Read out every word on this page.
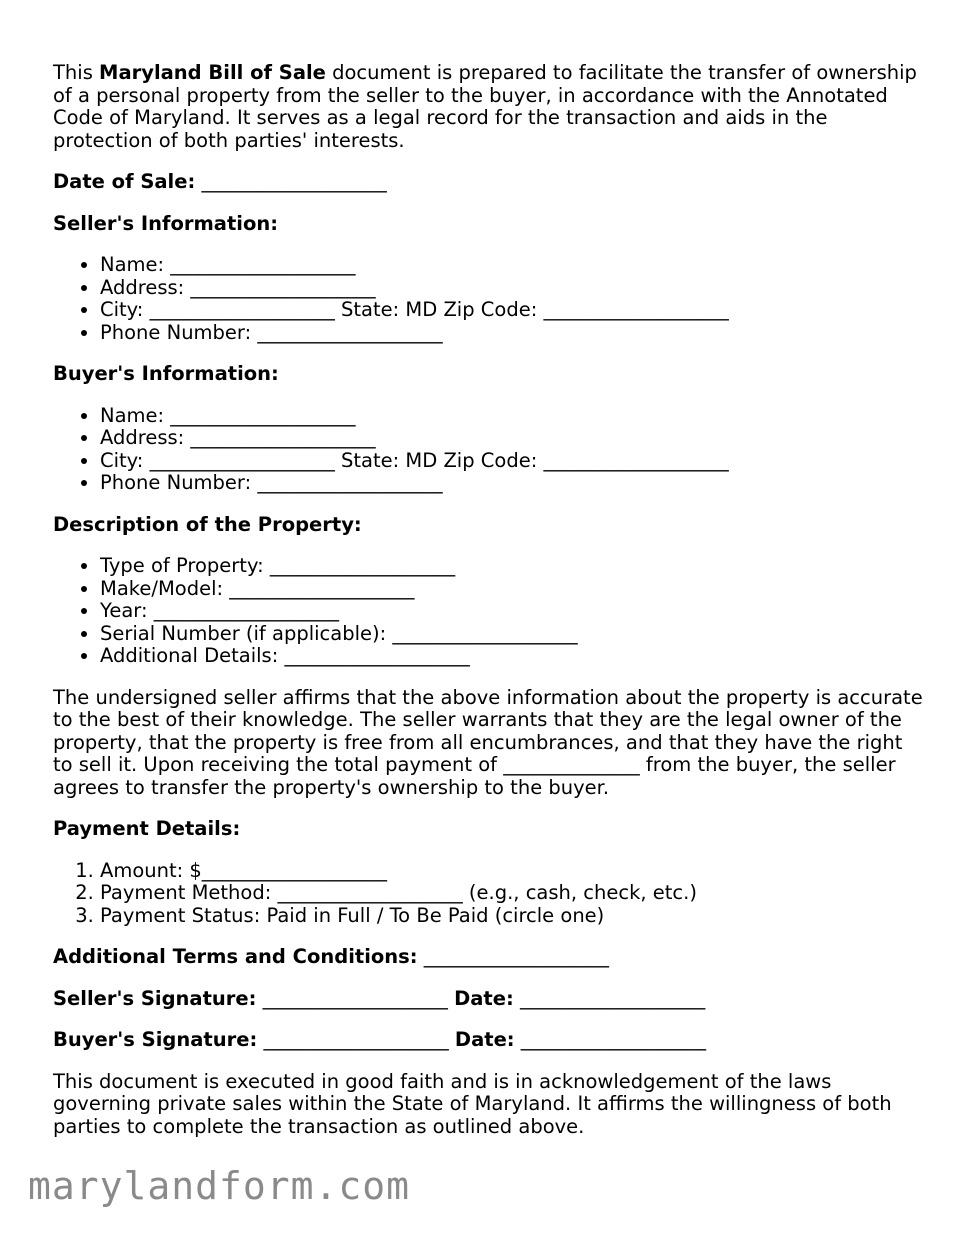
This Maryland Bill of Sale document is prepared to facilitate the transfer of ownership of a personal property from the seller to the buyer, in accordance with the Annotated Code of Maryland. It serves as a legal record for the transaction and aids in the protection of both parties' interests.

Date of Sale: ___________________

Seller's Information:
• Name: ___________________
• Address: ___________________
• City: ___________________ State: MD Zip Code: ___________________
• Phone Number: ___________________
Buyer's Information:
• Name: ___________________
• Address: ___________________
• City: ___________________ State: MD Zip Code: ___________________
• Phone Number: ___________________
Description of the Property:
• Type of Property: ___________________
• Make/Model: ___________________
• Year: ___________________
• Serial Number (if applicable): ___________________
• Additional Details: ___________________

The undersigned seller affirms that the above information about the property is accurate to the best of their knowledge. The seller warrants that they are the legal owner of the property, that the property is free from all encumbrances, and that they have the right to sell it. Upon receiving the total payment of ______________ from the buyer, the seller agrees to transfer the property's ownership to the buyer.

Payment Details:
1. Amount: $___________________
2. Payment Method: ___________________ (e.g., cash, check, etc.)
3. Payment Status: Paid in Full / To Be Paid (circle one)

Additional Terms and Conditions: ___________________

Seller's Signature: ___________________ Date: ___________________

Buyer's Signature: ___________________ Date: ___________________

This document is executed in good faith and is in acknowledgement of the laws governing private sales within the State of Maryland. It affirms the willingness of both parties to complete the transaction as outlined above.

marylandform.com
